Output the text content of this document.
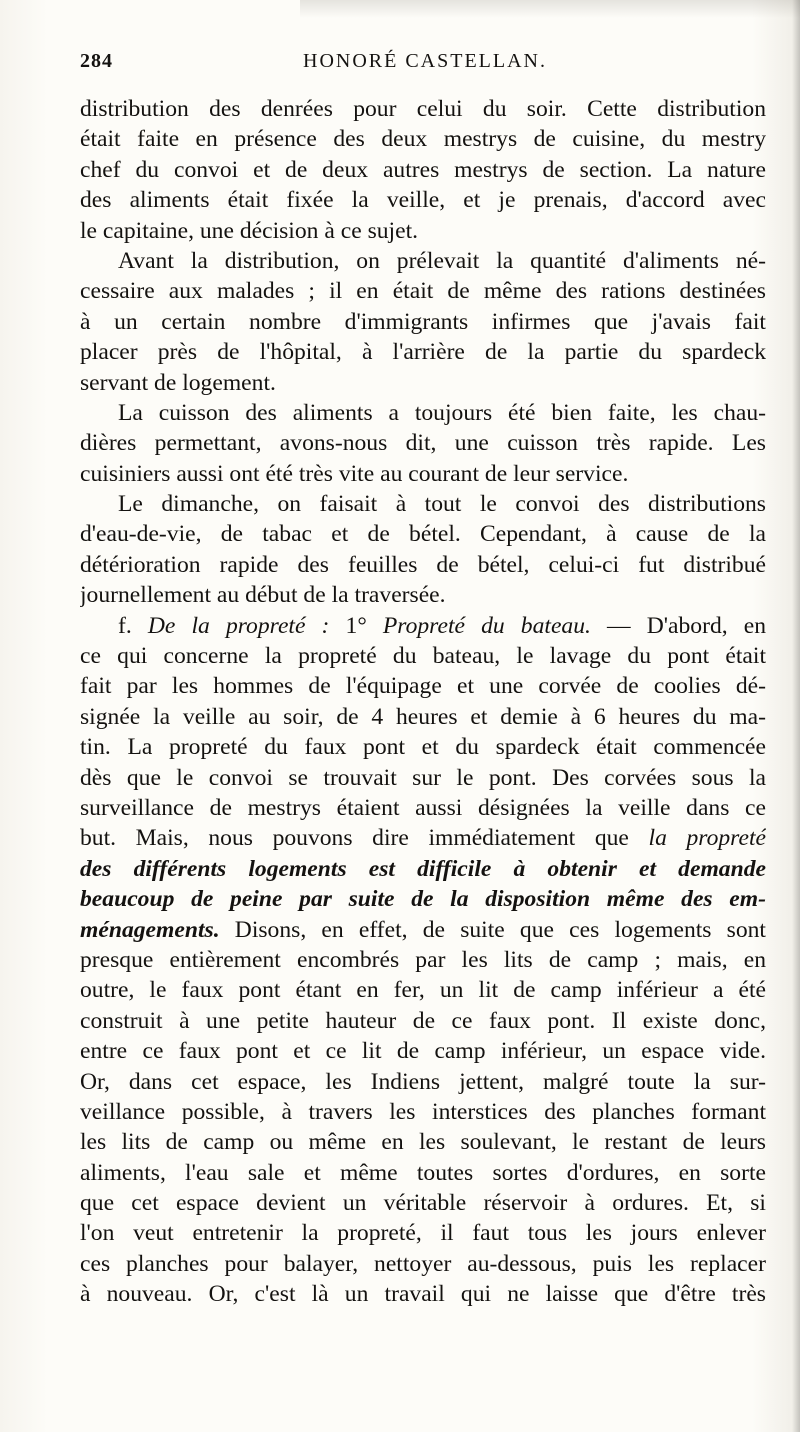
284	HONORÉ CASTELLAN.
distribution des denrées pour celui du soir. Cette distribution
était faite en présence des deux mestrys de cuisine, du mestry
chef du convoi et de deux autres mestrys de section. La nature
des aliments était fixée la veille, et je prenais, d'accord avec
le capitaine, une décision à ce sujet.
Avant la distribution, on prélevait la quantité d'aliments né-
cessaire aux malades ; il en était de même des rations destinées
à un certain nombre d'immigrants infirmes que j'avais fait
placer près de l'hôpital, à l'arrière de la partie du spardeck
servant de logement.
La cuisson des aliments a toujours été bien faite, les chau-
dières permettant, avons-nous dit, une cuisson très rapide. Les
cuisiniers aussi ont été très vite au courant de leur service.
Le dimanche, on faisait à tout le convoi des distributions
d'eau-de-vie, de tabac et de bétel. Cependant, à cause de la
détérioration rapide des feuilles de bétel, celui-ci fut distribué
journellement au début de la traversée.
f. De la propreté : 1° Propreté du bateau. — D'abord, en
ce qui concerne la propreté du bateau, le lavage du pont était
fait par les hommes de l'équipage et une corvée de coolies dé-
signée la veille au soir, de 4 heures et demie à 6 heures du ma-
tin. La propreté du faux pont et du spardeck était commencée
dès que le convoi se trouvait sur le pont. Des corvées sous la
surveillance de mestrys étaient aussi désignées la veille dans ce
but. Mais, nous pouvons dire immédiatement que la propreté
des différents logements est difficile à obtenir et demande
beaucoup de peine par suite de la disposition même des em-
ménagements. Disons, en effet, de suite que ces logements sont
presque entièrement encombrés par les lits de camp ; mais, en
outre, le faux pont étant en fer, un lit de camp inférieur a été
construit à une petite hauteur de ce faux pont. Il existe donc,
entre ce faux pont et ce lit de camp inférieur, un espace vide.
Or, dans cet espace, les Indiens jettent, malgré toute la sur-
veillance possible, à travers les interstices des planches formant
les lits de camp ou même en les soulevant, le restant de leurs
aliments, l'eau sale et même toutes sortes d'ordures, en sorte
que cet espace devient un véritable réservoir à ordures. Et, si
l'on veut entretenir la propreté, il faut tous les jours enlever
ces planches pour balayer, nettoyer au-dessous, puis les replacer
à nouveau. Or, c'est là un travail qui ne laisse que d'être très
